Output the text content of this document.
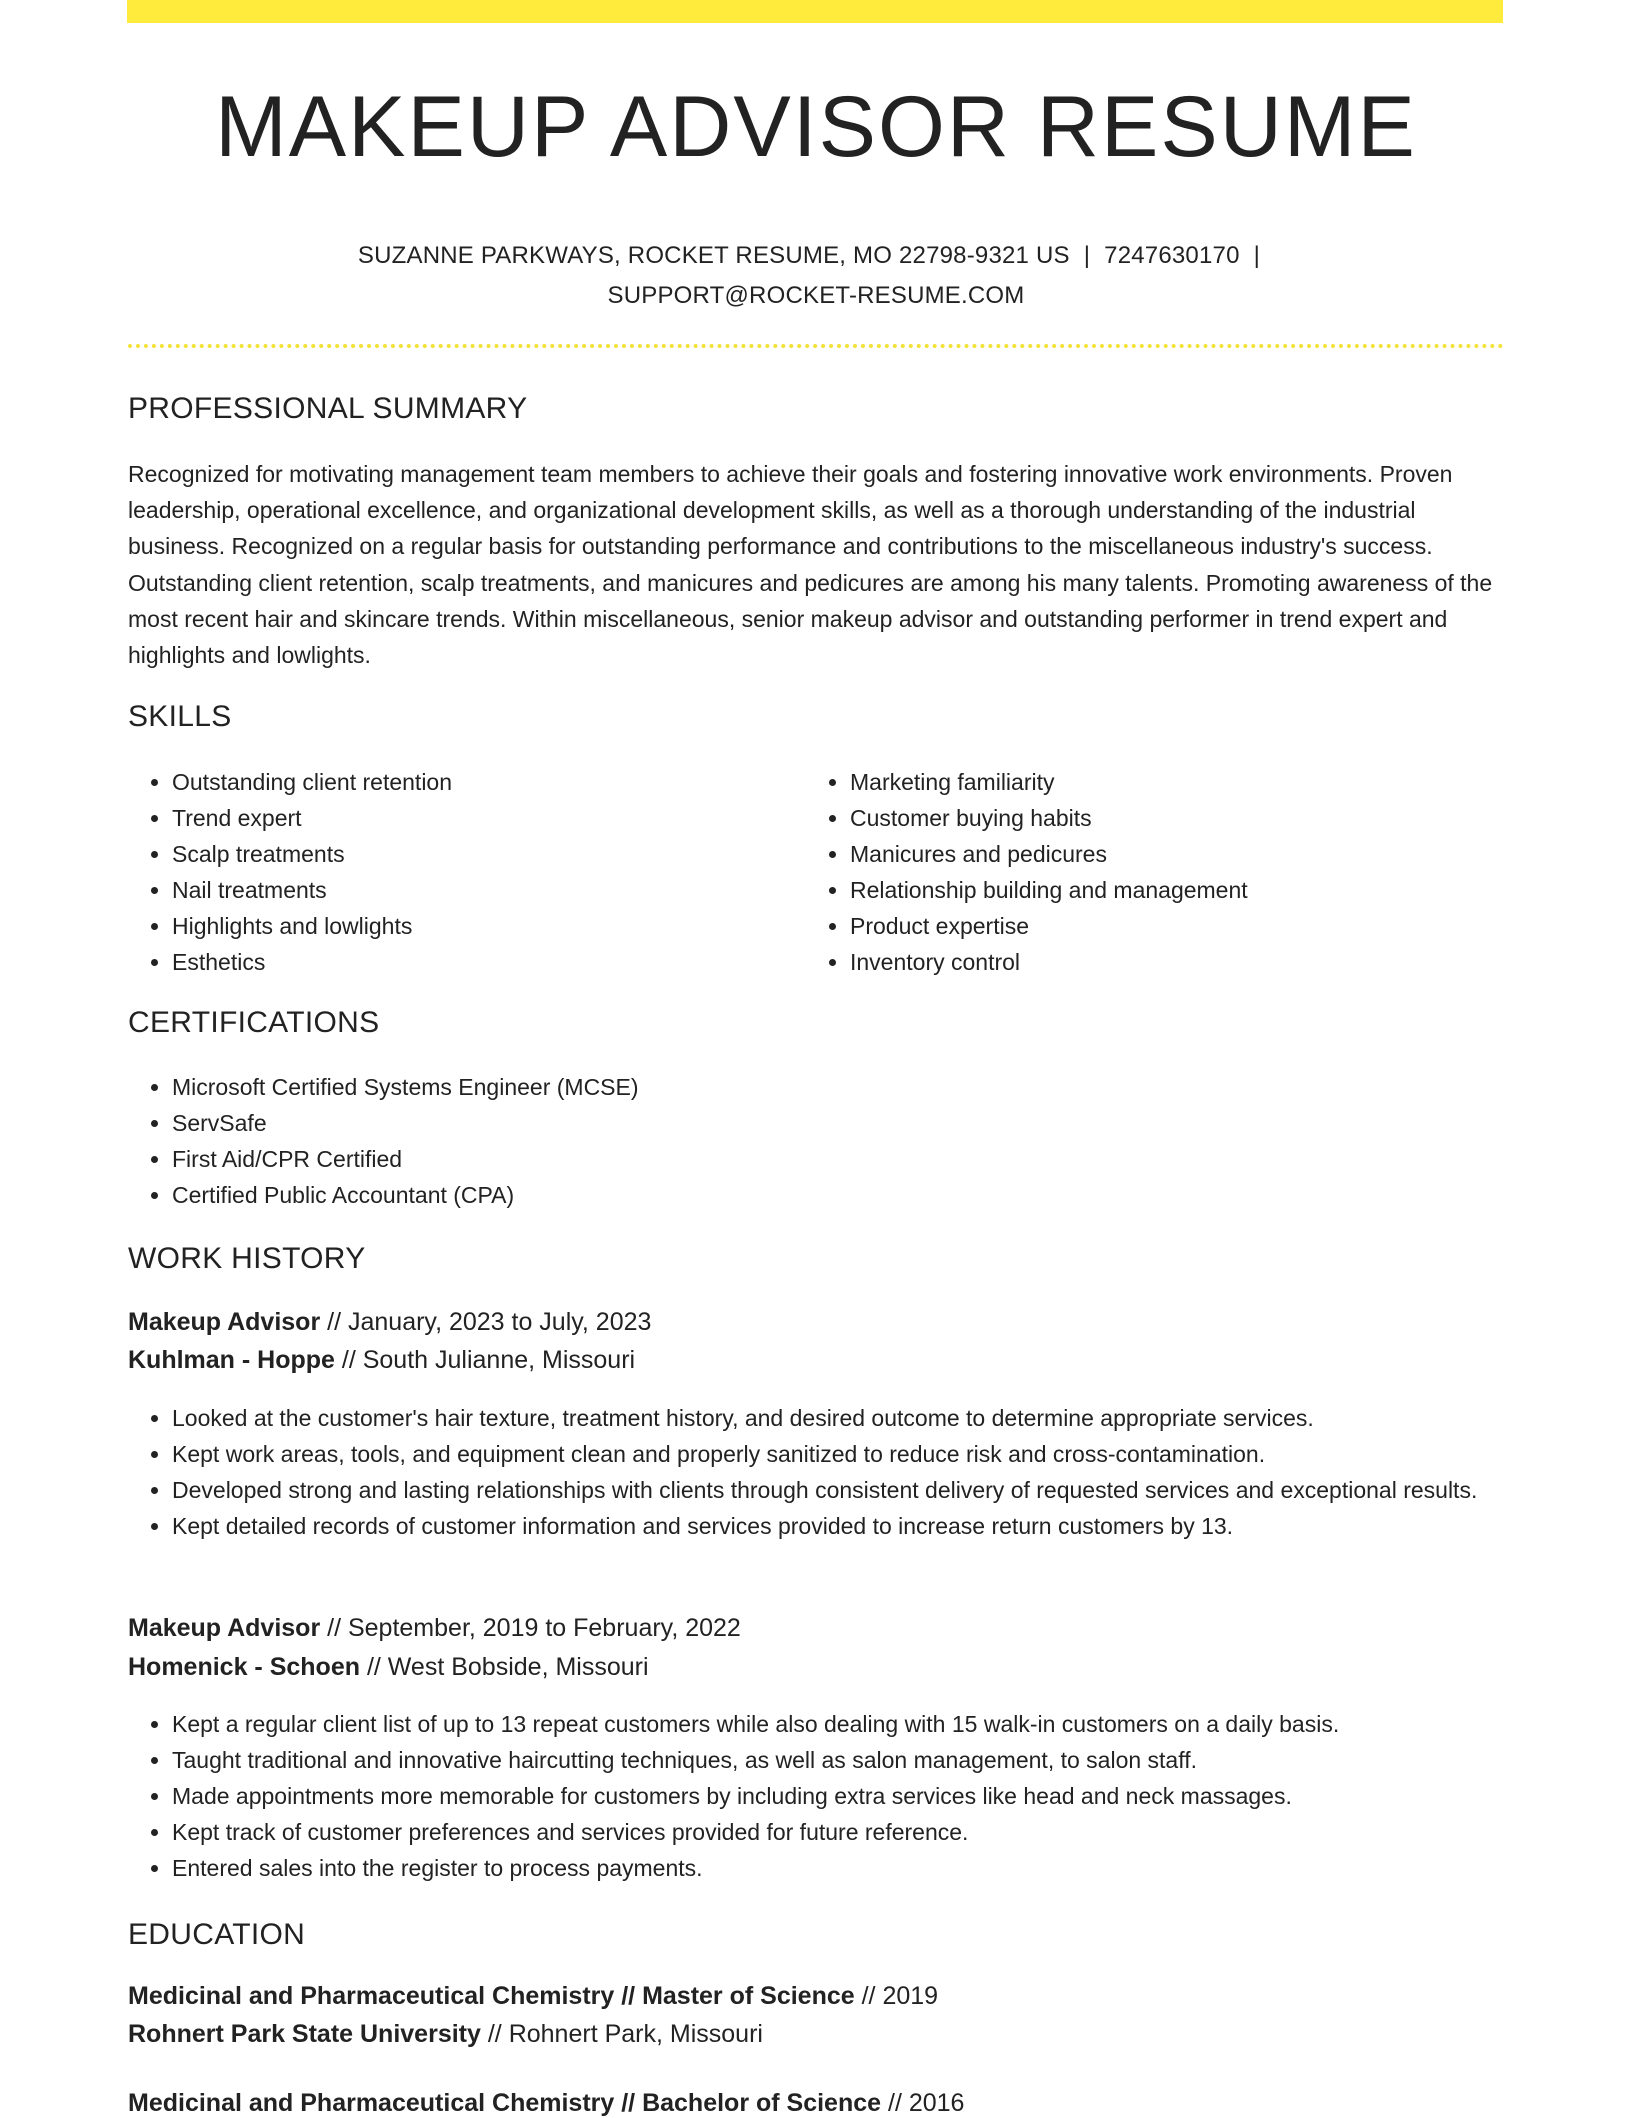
MAKEUP ADVISOR RESUME
SUZANNE PARKWAYS, ROCKET RESUME, MO 22798-9321 US | 7247630170 |
SUPPORT@ROCKET-RESUME.COM
PROFESSIONAL SUMMARY
Recognized for motivating management team members to achieve their goals and fostering innovative work environments. Proven leadership, operational excellence, and organizational development skills, as well as a thorough understanding of the industrial business. Recognized on a regular basis for outstanding performance and contributions to the miscellaneous industry's success. Outstanding client retention, scalp treatments, and manicures and pedicures are among his many talents. Promoting awareness of the most recent hair and skincare trends. Within miscellaneous, senior makeup advisor and outstanding performer in trend expert and highlights and lowlights.
SKILLS
• Outstanding client retention
• Trend expert
• Scalp treatments
• Nail treatments
• Highlights and lowlights
• Esthetics
• Marketing familiarity
• Customer buying habits
• Manicures and pedicures
• Relationship building and management
• Product expertise
• Inventory control
CERTIFICATIONS
• Microsoft Certified Systems Engineer (MCSE)
• ServSafe
• First Aid/CPR Certified
• Certified Public Accountant (CPA)
WORK HISTORY
Makeup Advisor // January, 2023 to July, 2023
Kuhlman - Hoppe // South Julianne, Missouri
• Looked at the customer's hair texture, treatment history, and desired outcome to determine appropriate services.
• Kept work areas, tools, and equipment clean and properly sanitized to reduce risk and cross-contamination.
• Developed strong and lasting relationships with clients through consistent delivery of requested services and exceptional results.
• Kept detailed records of customer information and services provided to increase return customers by 13.
Makeup Advisor // September, 2019 to February, 2022
Homenick - Schoen // West Bobside, Missouri
• Kept a regular client list of up to 13 repeat customers while also dealing with 15 walk-in customers on a daily basis.
• Taught traditional and innovative haircutting techniques, as well as salon management, to salon staff.
• Made appointments more memorable for customers by including extra services like head and neck massages.
• Kept track of customer preferences and services provided for future reference.
• Entered sales into the register to process payments.
EDUCATION
Medicinal and Pharmaceutical Chemistry // Master of Science // 2019
Rohnert Park State University // Rohnert Park, Missouri
Medicinal and Pharmaceutical Chemistry // Bachelor of Science // 2016
